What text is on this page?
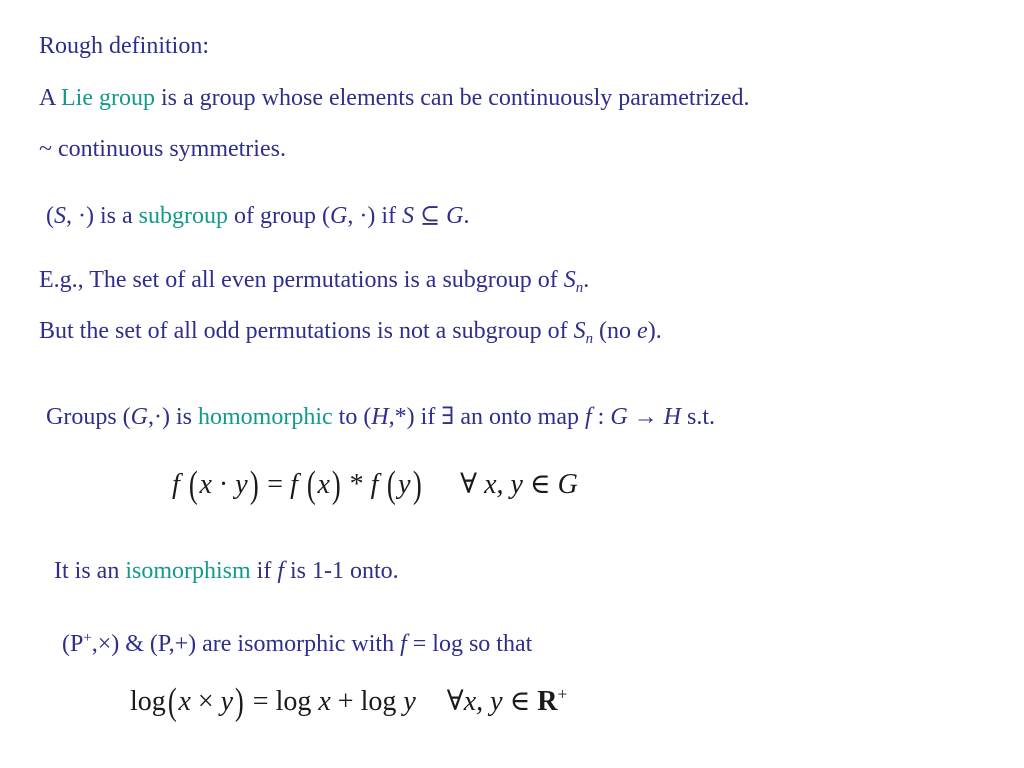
Rough definition:
A Lie group is a group whose elements can be continuously parametrized.
~ continuous symmetries.
(S, ·) is a subgroup of group (G, ·) if S ⊆ G.
E.g., The set of all even permutations is a subgroup of $S_n$.
But the set of all odd permutations is not a subgroup of $S_n$ (no e).
Groups (G,·) is homomorphic to (H,*) if ∃ an onto map f : G → H s.t.
f (x · y) = f (x) * f (y) ∀ x, y ∈ G
It is an isomorphism if f is 1-1 onto.
(P+,×) & (P,+) are isomorphic with f = log so that
log(x × y) = log x + log y ∀x, y ∈ R+
